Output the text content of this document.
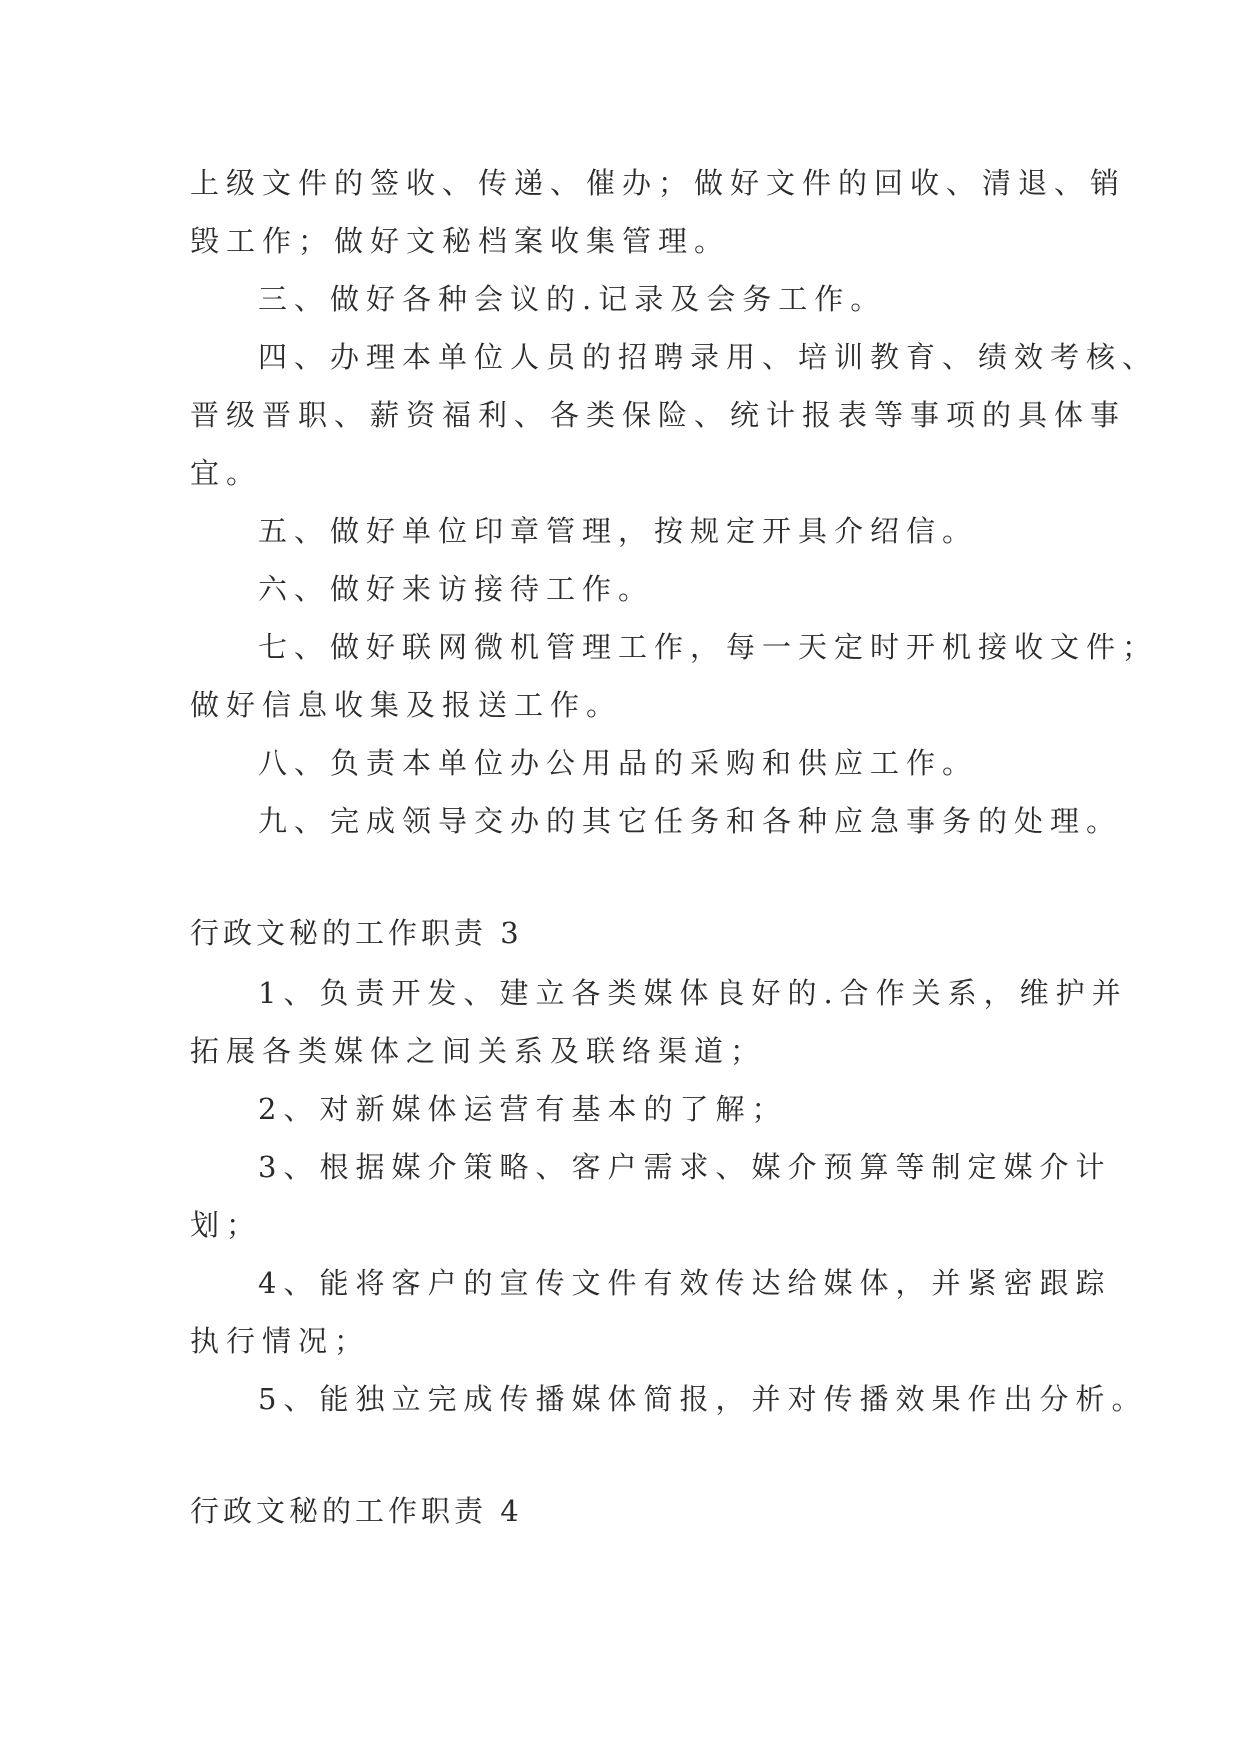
上级文件的签收、传递、催办；做好文件的回收、清退、销

毁工作；做好文秘档案收集管理。

三、做好各种会议的.记录及会务工作。

四、办理本单位人员的招聘录用、培训教育、绩效考核、

晋级晋职、薪资福利、各类保险、统计报表等事项的具体事

宜。

五、做好单位印章管理，按规定开具介绍信。

六、做好来访接待工作。

七、做好联网微机管理工作，每一天定时开机接收文件；

做好信息收集及报送工作。

八、负责本单位办公用品的采购和供应工作。

九、完成领导交办的其它任务和各种应急事务的处理。

行政文秘的工作职责 3

1、负责开发、建立各类媒体良好的.合作关系，维护并

拓展各类媒体之间关系及联络渠道；

2、对新媒体运营有基本的了解；

3、根据媒介策略、客户需求、媒介预算等制定媒介计

划；

4、能将客户的宣传文件有效传达给媒体，并紧密跟踪

执行情况；

5、能独立完成传播媒体简报，并对传播效果作出分析。

行政文秘的工作职责 4
